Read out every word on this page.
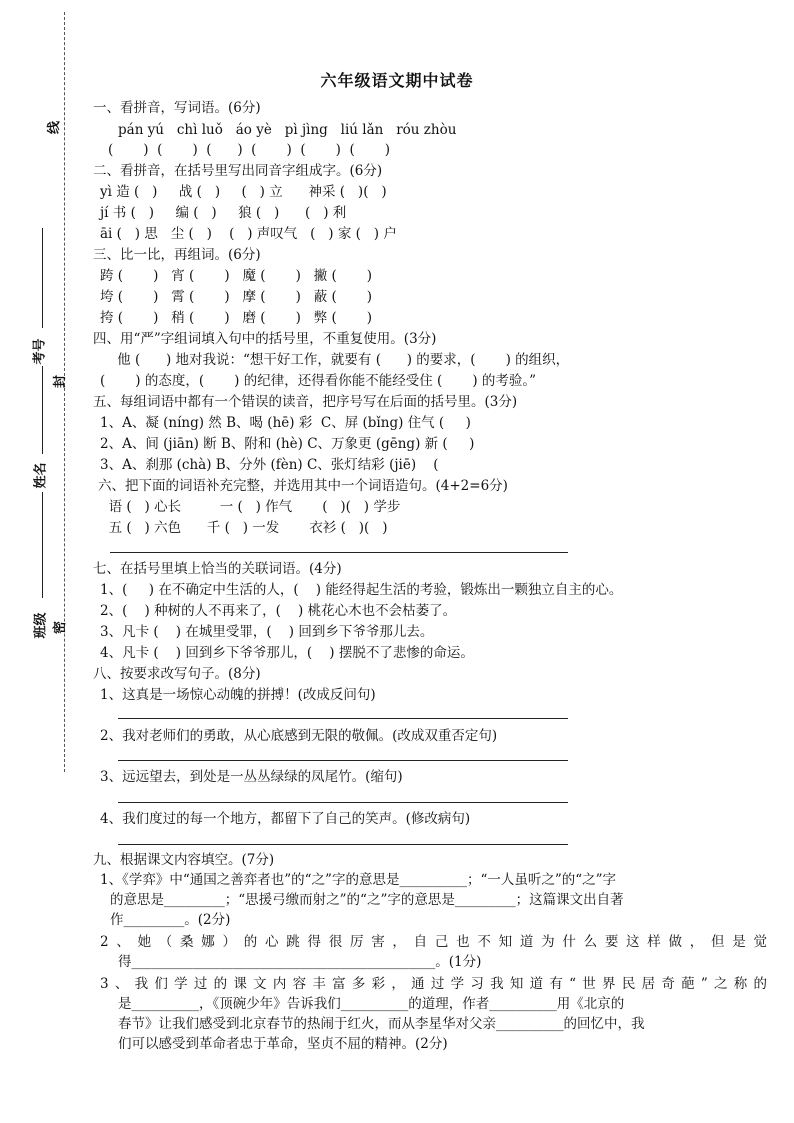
线
封
密
考号
姓名
班级
六年级语文期中试卷
一、看拼音，写词语。(6分)
pán yú   chì luǒ   áo yè   pì jìng   liú lǎn   róu zhòu
(       )  (       )  (      )  (       )  (       )  (       )
二、看拼音，在括号里写出同音字组成字。(6分)
yì 造 (   )     战 (   )     (   ) 立      神采 (   )(   )
jí 书 (   )     编 (   )     狼 (   )      (   ) 利
āi (   ) 思   尘 (   )    (   ) 声叹气   (   ) 家 (   ) 户
三、比一比，再组词。(6分)
跨 (       )   宵 (       )   魔 (       )   撇 (       )
垮 (       )   霄 (       )   摩 (       )   蔽 (       )
挎 (       )   稍 (       )   磨 (       )   弊 (       )
四、用“严”字组词填入句中的括号里，不重复使用。(3分)
他 (      ) 地对我说：“想干好工作，就要有 (      ) 的要求，(       ) 的组织，
(       ) 的态度，(       ) 的纪律，还得看你能不能经受住 (       ) 的考验。”
五、每组词语中都有一个错误的读音，把序号写在后面的括号里。(3分)
1、A、凝 (níng) 然 B、喝 (hē) 彩  C、屏 (bǐng) 住气 (     )
2、A、间 (jiān) 断 B、附和 (hè) C、万象更 (gēng) 新 (     )
3、A、刹那 (chà) B、分外 (fèn) C、张灯结彩 (jiē)    (
六、把下面的词语补充完整，并选用其中一个词语造句。(4+2=6分)
语 (   ) 心长         一 (   ) 作气       (   )(   ) 学步
五 (   ) 六色      千 (   ) 一发       衣衫 (   )(   )
七、在括号里填上恰当的关联词语。(4分)
1、(     ) 在不确定中生活的人，(    ) 能经得起生活的考验，锻炼出一颗独立自主的心。
2、(    ) 种树的人不再来了，(    ) 桃花心木也不会枯萎了。
3、凡卡 (    ) 在城里受罪，(    ) 回到乡下爷爷那儿去。
4、凡卡 (    ) 回到乡下爷爷那儿，(    ) 摆脱不了悲惨的命运。
八、按要求改写句子。(8分)
1、这真是一场惊心动魄的拼搏！(改成反问句)
2、我对老师们的勇敢，从心底感到无限的敬佩。(改成双重否定句)
3、远远望去，到处是一丛丛绿绿的凤尾竹。(缩句)
4、我们度过的每一个地方，都留下了自己的笑声。(修改病句)
九、根据课文内容填空。(7分)
1、《学弈》中“通国之善弈者也”的“之”字的意思是__________；“一人虽听之”的“之”字
的意思是_________；“思援弓缴而射之”的“之”字的意思是_________；这篇课文出自著
作_________。(2分)
2、她（桑娜）的心跳得很厉害，自己也不知道为什么要这样做，但是觉
得_____________________________________________。(1分)
3、我们学过的课文内容丰富多彩，通过学习我知道有“世界民居奇葩”之称的
是__________，《顶碗少年》告诉我们__________的道理，作者__________用《北京的
春节》让我们感受到北京春节的热闹于红火，而从李星华对父亲__________的回忆中，我
们可以感受到革命者忠于革命，坚贞不屈的精神。(2分)
